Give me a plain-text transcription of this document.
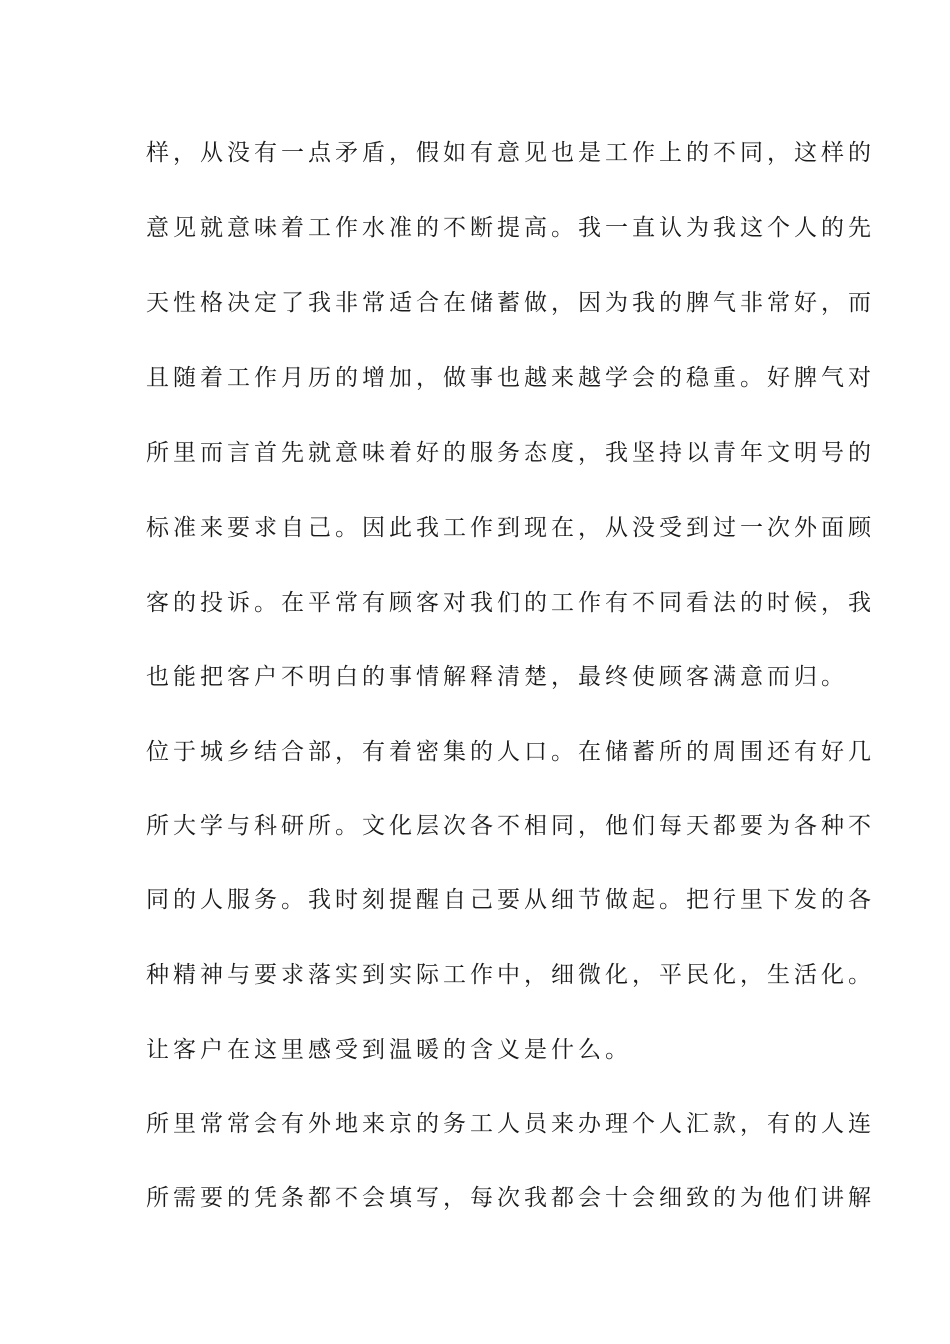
样，从没有一点矛盾，假如有意见也是工作上的不同，这样的
意见就意味着工作水准的不断提高。我一直认为我这个人的先
天性格决定了我非常适合在储蓄做，因为我的脾气非常好，而
且随着工作月历的增加，做事也越来越学会的稳重。好脾气对
所里而言首先就意味着好的服务态度，我坚持以青年文明号的
标准来要求自己。因此我工作到现在，从没受到过一次外面顾
客的投诉。在平常有顾客对我们的工作有不同看法的时候，我
也能把客户不明白的事情解释清楚，最终使顾客满意而归。
位于城乡结合部，有着密集的人口。在储蓄所的周围还有好几
所大学与科研所。文化层次各不相同，他们每天都要为各种不
同的人服务。我时刻提醒自己要从细节做起。把行里下发的各
种精神与要求落实到实际工作中，细微化，平民化，生活化。
让客户在这里感受到温暖的含义是什么。
所里常常会有外地来京的务工人员来办理个人汇款，有的人连
所需要的凭条都不会填写，每次我都会十会细致的为他们讲解
